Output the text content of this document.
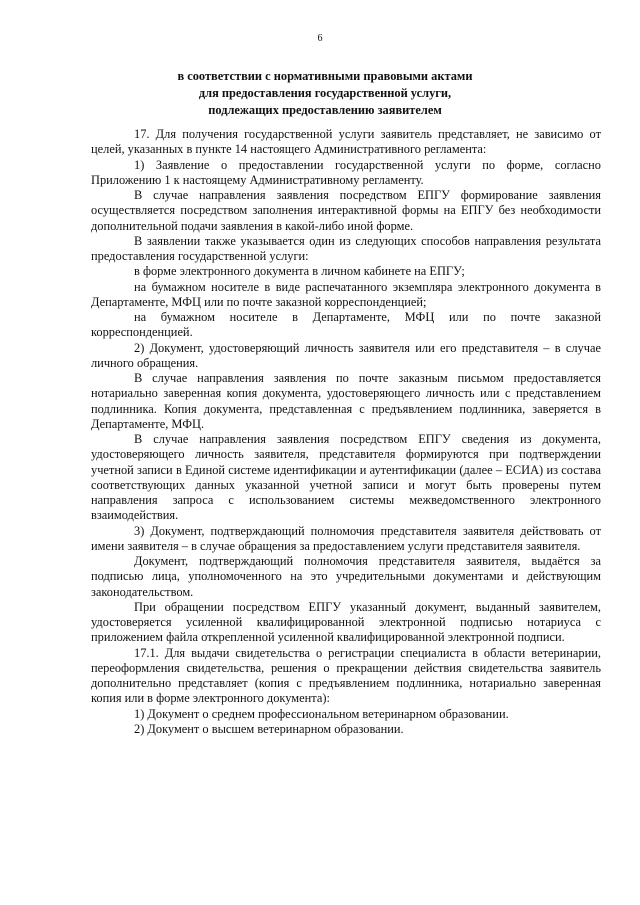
6
в соответствии с нормативными правовыми актами
для предоставления государственной услуги,
подлежащих предоставлению заявителем

17. Для получения государственной услуги заявитель представляет, не зависимо от целей, указанных в пункте 14 настоящего Административного регламента:

1) Заявление о предоставлении государственной услуги по форме, согласно Приложению 1 к настоящему Административному регламенту.

В случае направления заявления посредством ЕПГУ формирование заявления осуществляется посредством заполнения интерактивной формы на ЕПГУ без необходимости дополнительной подачи заявления в какой-либо иной форме.

В заявлении также указывается один из следующих способов направления результата предоставления государственной услуги:

в форме электронного документа в личном кабинете на ЕПГУ;

на бумажном носителе в виде распечатанного экземпляра электронного документа в Департаменте, МФЦ или по почте заказной корреспонденцией;

на бумажном носителе в Департаменте, МФЦ или по почте заказной корреспонденцией.

2) Документ, удостоверяющий личность заявителя или его представителя – в случае личного обращения.

В случае направления заявления по почте заказным письмом предоставляется нотариально заверенная копия документа, удостоверяющего личность или с представлением подлинника. Копия документа, представленная с предъявлением подлинника, заверяется в Департаменте, МФЦ.

В случае направления заявления посредством ЕПГУ сведения из документа, удостоверяющего личность заявителя, представителя формируются при подтверждении учетной записи в Единой системе идентификации и аутентификации (далее – ЕСИА) из состава соответствующих данных указанной учетной записи и могут быть проверены путем направления запроса с использованием системы межведомственного электронного взаимодействия.

3) Документ, подтверждающий полномочия представителя заявителя действовать от имени заявителя – в случае обращения за предоставлением услуги представителя заявителя.

Документ, подтверждающий полномочия представителя заявителя, выдаётся за подписью лица, уполномоченного на это учредительными документами и действующим законодательством.

При обращении посредством ЕПГУ указанный документ, выданный заявителем, удостоверяется усиленной квалифицированной электронной подписью нотариуса с приложением файла открепленной усиленной квалифицированной электронной подписи.

17.1. Для выдачи свидетельства о регистрации специалиста в области ветеринарии, переоформления свидетельства, решения о прекращении действия свидетельства заявитель дополнительно представляет (копия с предъявлением подлинника, нотариально заверенная копия или в форме электронного документа):

1) Документ о среднем профессиональном ветеринарном образовании.

2) Документ о высшем ветеринарном образовании.
